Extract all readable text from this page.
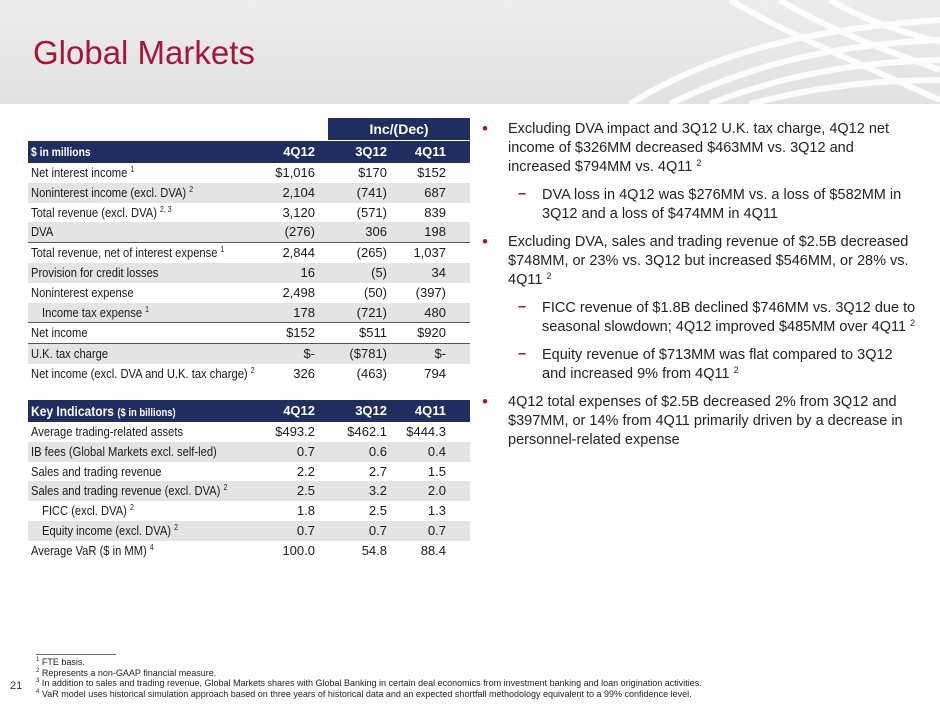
Global Markets
Inc/(Dec)
$ in millions	4Q12	3Q12 4Q11
Net interest income $^1$	$1,016	$170 $152
Noninterest income (excl. DVA) $^2$	2,104	(741)	687
Total revenue (excl. DVA) $^{2, 3}$	3,120	(571)	839
DVA	(276)	306	198
Total revenue, net of interest expense $^1$	2,844	(265) 1,037
Provision for credit losses	16	(5)	34
Noninterest expense	2,498	(50) (397)
Income tax expense $^1$	178	(721)	480
Net income	$152	$511 $920
U.K. tax charge	$-	($781)	$-
Net income (excl. DVA and U.K. tax charge) $^2$	326	(463)	794
Key Indicators ($ in billions)	4Q12	3Q12 4Q11
Average trading-related assets	$493.2 $462.1 $444.3
IB fees (Global Markets excl. self-led)	0.7	0.6	0.4
Sales and trading revenue	2.2	2.7	1.5
Sales and trading revenue (excl. DVA) $^2$	2.5	3.2	2.0
FICC (excl. DVA) $^2$	1.8	2.5	1.3
Equity income (excl. DVA) $^2$	0.7	0.7	0.7
Average VaR ($ in MM) $^4$	100.0	54.8	88.4
• Excluding DVA impact and 3Q12 U.K. tax charge, 4Q12 net income of $326MM decreased $463MM vs. 3Q12 and increased $794MM vs. 4Q11 $^2$
– DVA loss in 4Q12 was $276MM vs. a loss of $582MM in 3Q12 and a loss of $474MM in 4Q11
• Excluding DVA, sales and trading revenue of $2.5B decreased $748MM, or 23% vs. 3Q12 but increased $546MM, or 28% vs. 4Q11 $^2$
– FICC revenue of $1.8B declined $746MM vs. 3Q12 due to seasonal slowdown; 4Q12 improved $485MM over 4Q11 $^2$
– Equity revenue of $713MM was flat compared to 3Q12 and increased 9% from 4Q11 $^2$
• 4Q12 total expenses of $2.5B decreased 2% from 3Q12 and $397MM, or 14% from 4Q11 primarily driven by a decrease in personnel-related expense
$^1$ FTE basis.
$^2$ Represents a non-GAAP financial measure.
$^3$ In addition to sales and trading revenue, Global Markets shares with Global Banking in certain deal economics from investment banking and loan origination activities.
$^4$ VaR model uses historical simulation approach based on three years of historical data and an expected shortfall methodology equivalent to a 99% confidence level.
21
